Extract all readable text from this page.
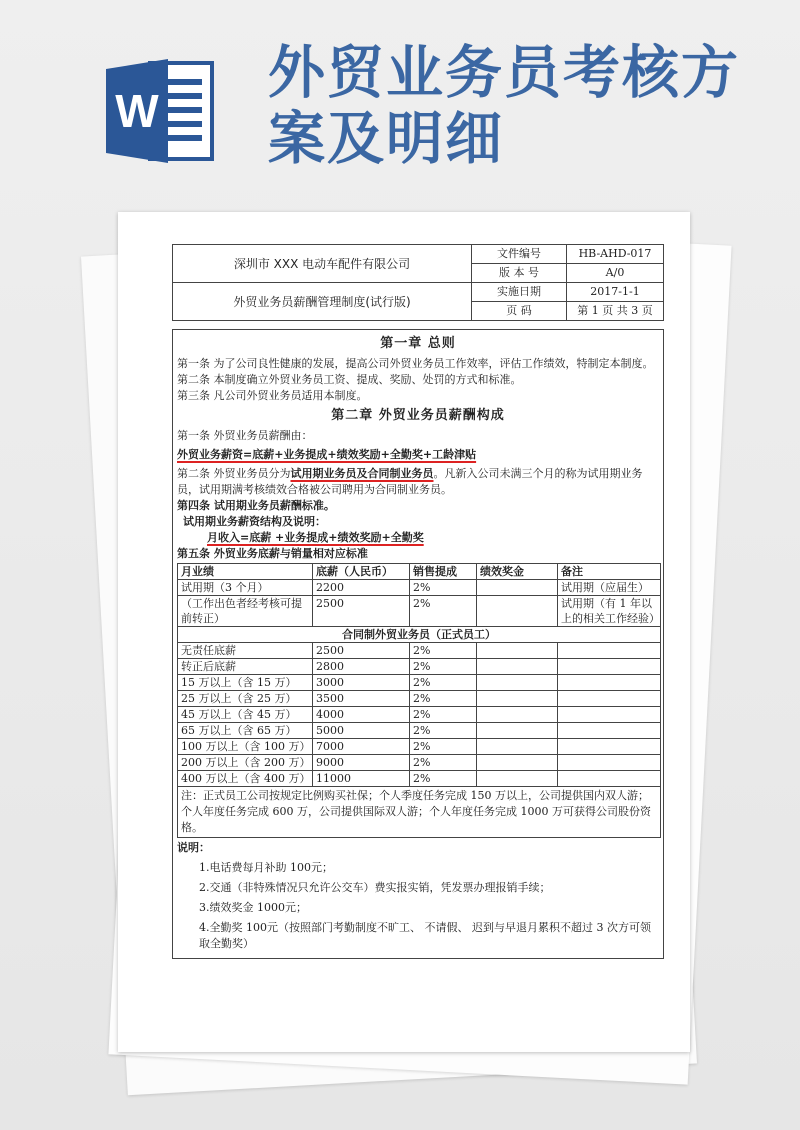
W
外贸业务员考核方案及明细
深圳市 XXX 电动车配件有限公司	文件编号	HB-AHD-017
	版 本 号	A/0
外贸业务员薪酬管理制度(试行版)	实施日期	2017-1-1
	页 码	第 1 页 共 3 页
第一章 总则

第一条 为了公司良性健康的发展，提高公司外贸业务员工作效率，评估工作绩效，特制定本制度。

第二条 本制度确立外贸业务员工资、提成、奖励、处罚的方式和标准。

第三条 凡公司外贸业务员适用本制度。

第二章 外贸业务员薪酬构成

第一条 外贸业务员薪酬由：

外贸业务薪资=底薪+业务提成+绩效奖励+全勤奖+工龄津贴

第二条 外贸业务员分为试用期业务员及合同制业务员。凡新入公司未满三个月的称为试用期业务员，试用期满考核绩效合格被公司聘用为合同制业务员。

第四条 试用期业务员薪酬标准。

试用期业务薪资结构及说明：

月收入=底薪 +业务提成+绩效奖励+全勤奖

第五条 外贸业务底薪与销量相对应标准

月业绩	底薪（人民币）	销售提成	绩效奖金	备注
试用期（3 个月）	2200	2%		试用期（应届生）
（工作出色者经考核可提前转正）	2500	2%		试用期（有 1 年以上的相关工作经验）
合同制外贸业务员（正式员工）				
无责任底薪	2500	2%		
转正后底薪	2800	2%		
15 万以上（含 15 万）	3000	2%		
25 万以上（含 25 万）	3500	2%		
45 万以上（含 45 万）	4000	2%		
65 万以上（含 65 万）	5000	2%		
100 万以上（含 100 万）	7000	2%		
200 万以上（含 200 万）	9000	2%		
400 万以上（含 400 万）	11000	2%		
注：正式员工公司按规定比例购买社保；个人季度任务完成 150 万以上，公司提供国内双人游；个人年度任务完成 600 万，公司提供国际双人游；个人年度任务完成 1000 万可获得公司股份资格。

说明：

1.电话费每月补助 100元；

2.交通（非特殊情况只允许公交车）费实报实销，凭发票办理报销手续；

3.绩效奖金 1000元；

4.全勤奖 100元（按照部门考勤制度不旷工、 不请假、 迟到与早退月累积不超过 3 次方可领取全勤奖）
